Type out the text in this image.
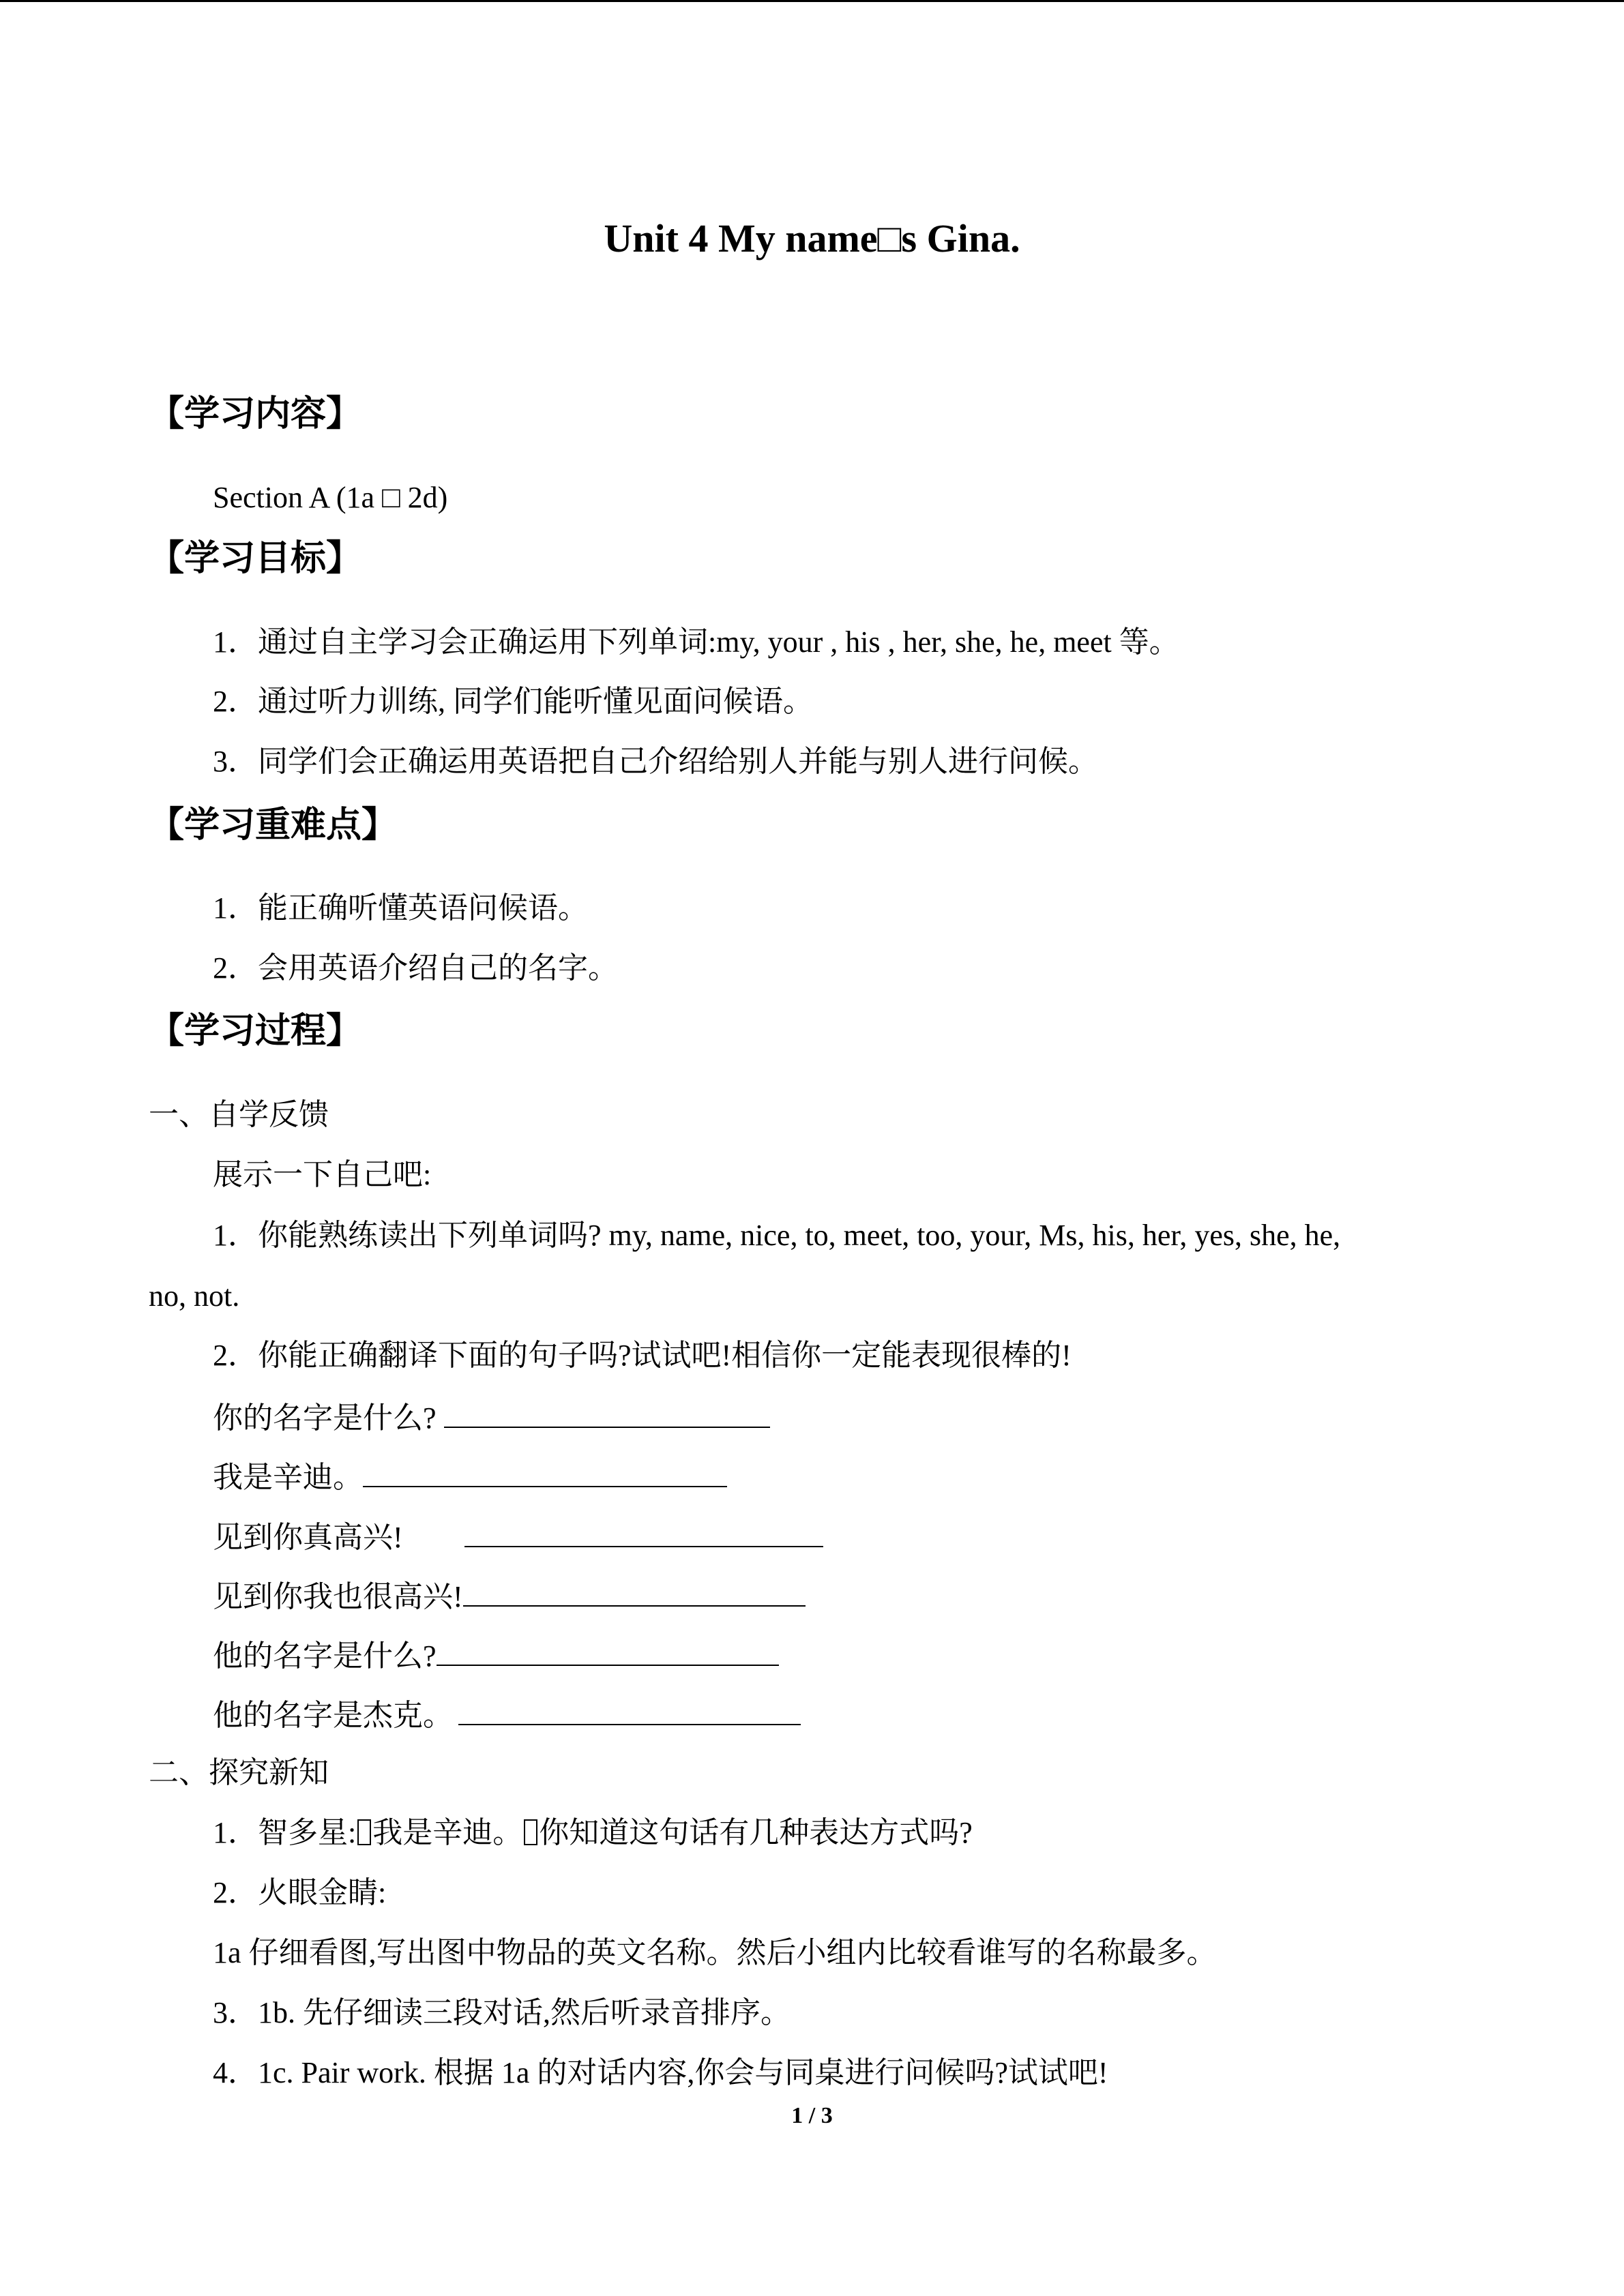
Unit 4 My name□s Gina.
【学习内容】
Section A (1a □ 2d)
【学习目标】
1．通过自主学习会正确运用下列单词:my, your , his , her, she, he, meet 等。
2．通过听力训练, 同学们能听懂见面问候语。
3．同学们会正确运用英语把自己介绍给别人并能与别人进行问候。
【学习重难点】
1．能正确听懂英语问候语。
2．会用英语介绍自己的名字。
【学习过程】
一、自学反馈
展示一下自己吧:
1．你能熟练读出下列单词吗? my, name, nice, to, meet, too, your, Ms, his, her, yes, she, he,
no, not.
2．你能正确翻译下面的句子吗?试试吧!相信你一定能表现很棒的!
你的名字是什么?
我是辛迪。
见到你真高兴!
见到你我也很高兴!
他的名字是什么?
他的名字是杰克。
二、探究新知
1．智多星: 我是辛迪。 你知道这句话有几种表达方式吗?
2．火眼金睛:
1a 仔细看图,写出图中物品的英文名称。然后小组内比较看谁写的名称最多。
3．1b. 先仔细读三段对话,然后听录音排序。
4．1c. Pair work. 根据 1a 的对话内容,你会与同桌进行问候吗?试试吧!
1 / 3
